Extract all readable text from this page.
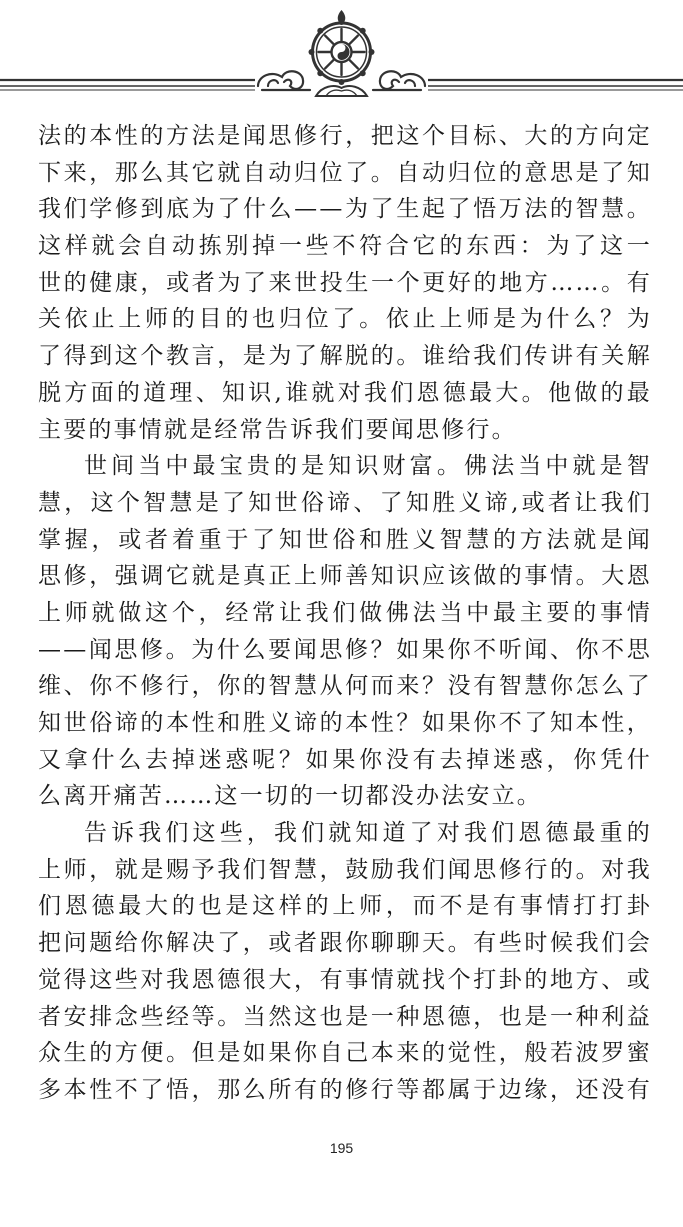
法的本性的方法是闻思修行，把这个目标、大的方向定
下来，那么其它就自动归位了。自动归位的意思是了知
我们学修到底为了什么——为了生起了悟万法的智慧。
这样就会自动拣别掉一些不符合它的东西：为了这一
世的健康，或者为了来世投生一个更好的地方……。有
关依止上师的目的也归位了。依止上师是为什么？为
了得到这个教言，是为了解脱的。谁给我们传讲有关解
脱方面的道理、知识,谁就对我们恩德最大。他做的最
主要的事情就是经常告诉我们要闻思修行。
世间当中最宝贵的是知识财富。佛法当中就是智
慧，这个智慧是了知世俗谛、了知胜义谛,或者让我们
掌握，或者着重于了知世俗和胜义智慧的方法就是闻
思修，强调它就是真正上师善知识应该做的事情。大恩
上师就做这个，经常让我们做佛法当中最主要的事情
——闻思修。为什么要闻思修？如果你不听闻、你不思
维、你不修行，你的智慧从何而来？没有智慧你怎么了
知世俗谛的本性和胜义谛的本性？如果你不了知本性，
又拿什么去掉迷惑呢？如果你没有去掉迷惑，你凭什
么离开痛苦……这一切的一切都没办法安立。
告诉我们这些，我们就知道了对我们恩德最重的
上师，就是赐予我们智慧，鼓励我们闻思修行的。对我
们恩德最大的也是这样的上师，而不是有事情打打卦
把问题给你解决了，或者跟你聊聊天。有些时候我们会
觉得这些对我恩德很大，有事情就找个打卦的地方、或
者安排念些经等。当然这也是一种恩德，也是一种利益
众生的方便。但是如果你自己本来的觉性，般若波罗蜜
多本性不了悟，那么所有的修行等都属于边缘，还没有
195
